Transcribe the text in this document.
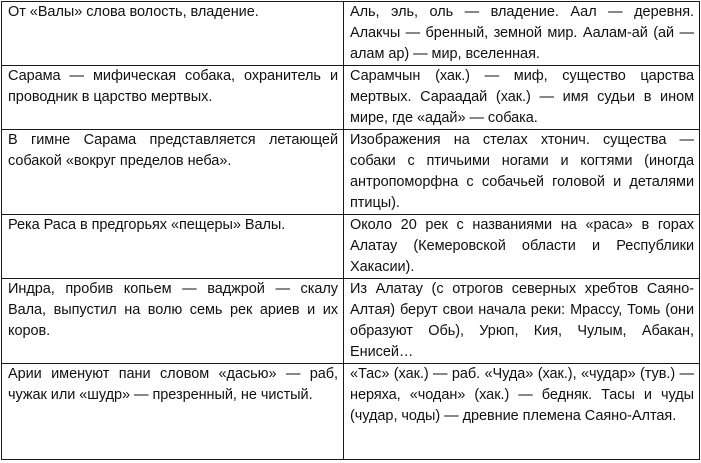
От «Валы» слова волость, владение.	Аль, эль, оль — владение. Аал — деревня. Алакчы — бренный, земной мир. Аалам-ай (ай — алам ар) — мир, вселенная.
Сарама — мифическая собака, охранитель и проводник в царство мертвых.	Сарамчын (хак.) — миф, существо царства мертвых. Сараадай (хак.) — имя судьи в ином мире, где «адай» — собака.
В гимне Сарама представляется летающей собакой «вокруг пределов неба».	Изображения на стелах хтонич. существа — собаки с птичьими ногами и когтями (иногда антропоморфна с собачьей головой и деталями птицы).
Река Раса в предгорьях «пещеры» Валы.	Около 20 рек с названиями на «раса» в горах Алатау (Кемеровской области и Республики Хакасии).
Индра, пробив копьем — ваджрой — скалу Вала, выпустил на волю семь рек ариев и их коров.	Из Алатау (с отрогов северных хребтов Саяно-Алтая) берут свои начала реки: Мрассу, Томь (они образуют Обь), Урюп, Кия, Чулым, Абакан, Енисей…
Арии именуют пани словом «дасью» — раб, чужак или «шудр» — презренный, не чистый.	«Тас» (хак.) — раб. «Чуда» (хак.), «чудар» (тув.) — неряха, «чодан» (хак.) — бедняк. Тасы и чуды (чудар, чоды) — древние племена Саяно-Алтая.
